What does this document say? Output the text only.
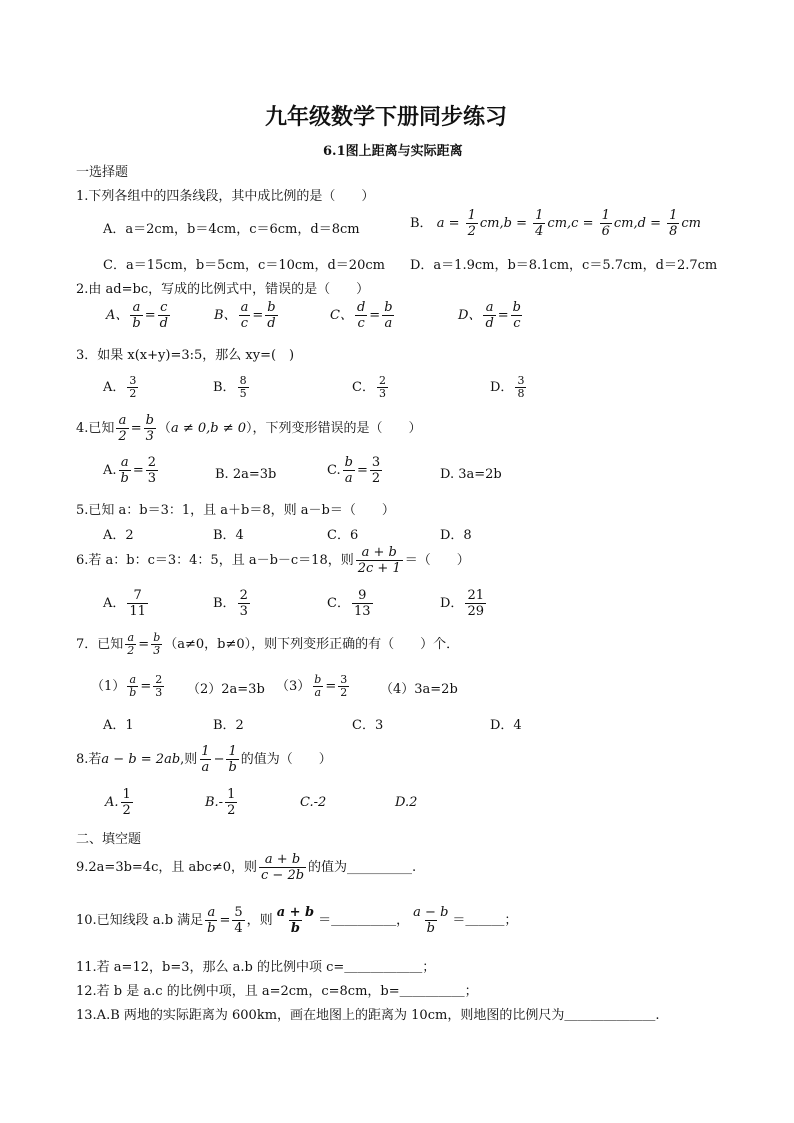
九年级数学下册同步练习
6.1图上距离与实际距离
一选择题
1.下列各组中的四条线段，其中成比例的是（　　）
A．a＝2cm，b＝4cm，c＝6cm，d＝8cm	B． $a = \frac{1}{2} cm,b = \frac{1}{4} cm,c = \frac{1}{6} cm,d = \frac{1}{8}$ cm
C．a＝15cm，b＝5cm，c＝10cm，d＝20cm D．a＝1.9cm，b＝8.1cm，c＝5.7cm，d＝2.7cm
2.由 ad=bc，写成的比例式中，错误的是（　　）
A、 $\frac{a}{b} = \frac{c}{d}$	B、 $\frac{a}{c} = \frac{b}{d}$	C、 $\frac{d}{c} = \frac{b}{a}$	D、 $\frac{a}{d} = \frac{b}{c}$
3．如果 x(x+y)=3:5，那么 xy=(　)
A． $\frac{3}{2}$	B． $\frac{8}{5}$	C． $\frac{2}{3}$	D． $\frac{3}{8}$
4.已知 $\frac{a}{2} = \frac{b}{3} (a \ne 0,b \ne 0)$，下列变形错误的是（　　）
A. $\frac{a}{b} = \frac{2}{3}$	B. 2a=3b	C. $\frac{b}{a} = \frac{3}{2}$	D. 3a=2b
5.已知 a：b＝3：1，且 a＋b＝8，则 a－b＝（　　）
A．2	B．4	C．6	D．8
6.若 a：b：c＝3：4：5，且 a－b－c＝18，则 $\frac{a + b}{2c + 1}$ ＝（　　）
A． $\frac{7}{11}$	B． $\frac{2}{3}$	C． $\frac{9}{13}$	D． $\frac{21}{29}$
7．已知 $\frac{a}{2} = \frac{b}{3} (a\ne 0$，b≠0），则下列变形正确的有（　　）个．
$(1) \frac{a}{b} = \frac{2}{3} (2)2a=3b$ $(3) \frac{b}{a} = \frac{3}{2} (4)3a=2b$
A．1	B．2	C．3	D．4
8.若a − b = 2ab,则 $\frac{1}{a} - \frac{1}{b}$ 的值为（　　）
A. $\frac{1}{2}$	$B.- \frac{1}{2}$	C.-2	D.2
二、填空题
9.2a=3b=4c，且 abc≠0，则 $\frac{a + b}{c - 2b}$ 的值为__________.
10.已知线段 a.b 满足 $\frac{a}{b} = \frac{5}{4}$ ，则 $\frac{a + b}{b}$ ＝＿＿＿＿＿， $\frac{a - b}{b}$ ＝＿＿＿；
11.若 a=12，b=3，那么 a.b 的比例中项 c=＿＿＿＿＿＿；
12.若 b 是 a.c 的比例中项，且 a=2cm，c=8cm，b=＿＿＿＿＿；
13.A.B 两地的实际距离为 600km，画在地图上的距离为 10cm，则地图的比例尺为＿＿＿＿＿＿＿.
